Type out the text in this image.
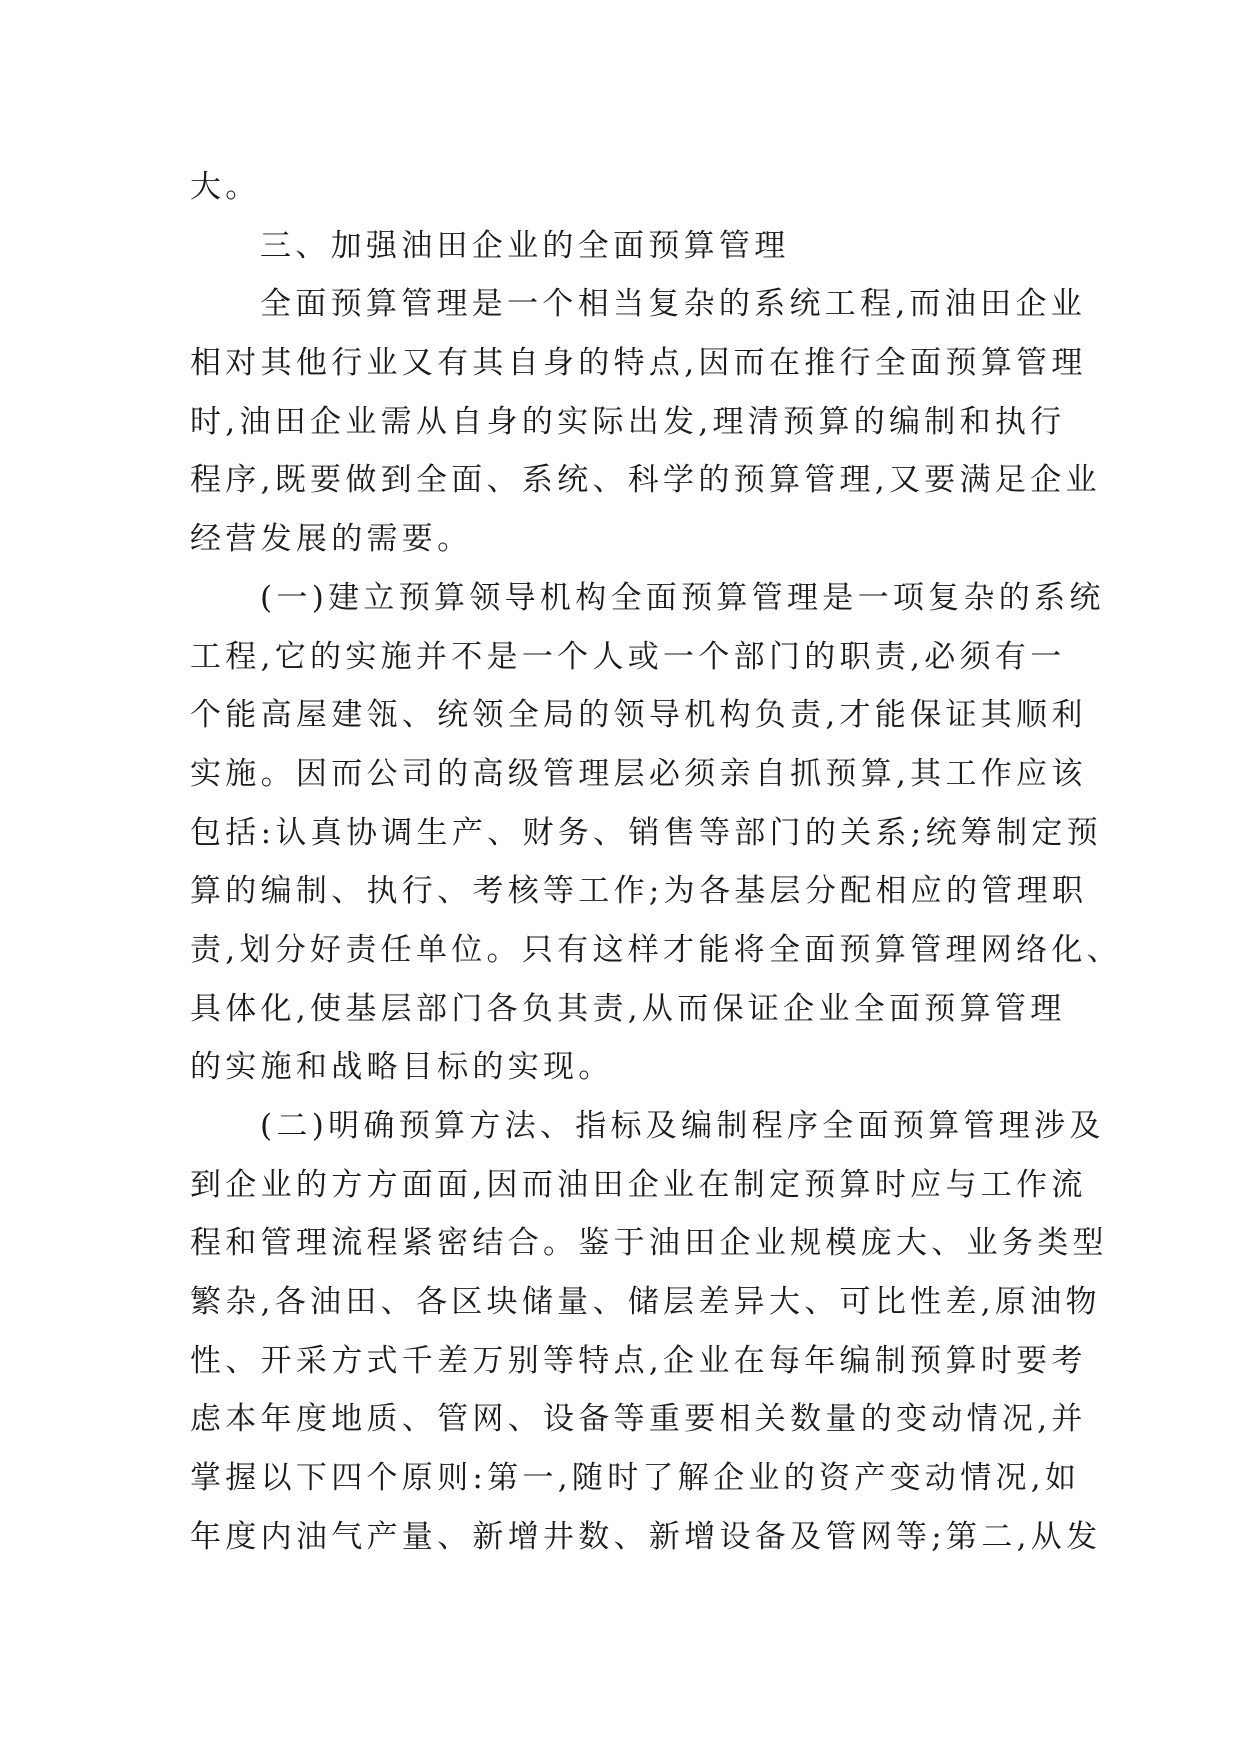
大。
三、加强油田企业的全面预算管理
全面预算管理是一个相当复杂的系统工程,而油田企业
相对其他行业又有其自身的特点,因而在推行全面预算管理
时,油田企业需从自身的实际出发,理清预算的编制和执行
程序,既要做到全面、系统、科学的预算管理,又要满足企业
经营发展的需要。
(一)建立预算领导机构全面预算管理是一项复杂的系统
工程,它的实施并不是一个人或一个部门的职责,必须有一
个能高屋建瓴、统领全局的领导机构负责,才能保证其顺利
实施。因而公司的高级管理层必须亲自抓预算,其工作应该
包括:认真协调生产、财务、销售等部门的关系;统筹制定预
算的编制、执行、考核等工作;为各基层分配相应的管理职
责,划分好责任单位。只有这样才能将全面预算管理网络化、
具体化,使基层部门各负其责,从而保证企业全面预算管理
的实施和战略目标的实现。
(二)明确预算方法、指标及编制程序全面预算管理涉及
到企业的方方面面,因而油田企业在制定预算时应与工作流
程和管理流程紧密结合。鉴于油田企业规模庞大、业务类型
繁杂,各油田、各区块储量、储层差异大、可比性差,原油物
性、开采方式千差万别等特点,企业在每年编制预算时要考
虑本年度地质、管网、设备等重要相关数量的变动情况,并
掌握以下四个原则:第一,随时了解企业的资产变动情况,如
年度内油气产量、新增井数、新增设备及管网等;第二,从发
